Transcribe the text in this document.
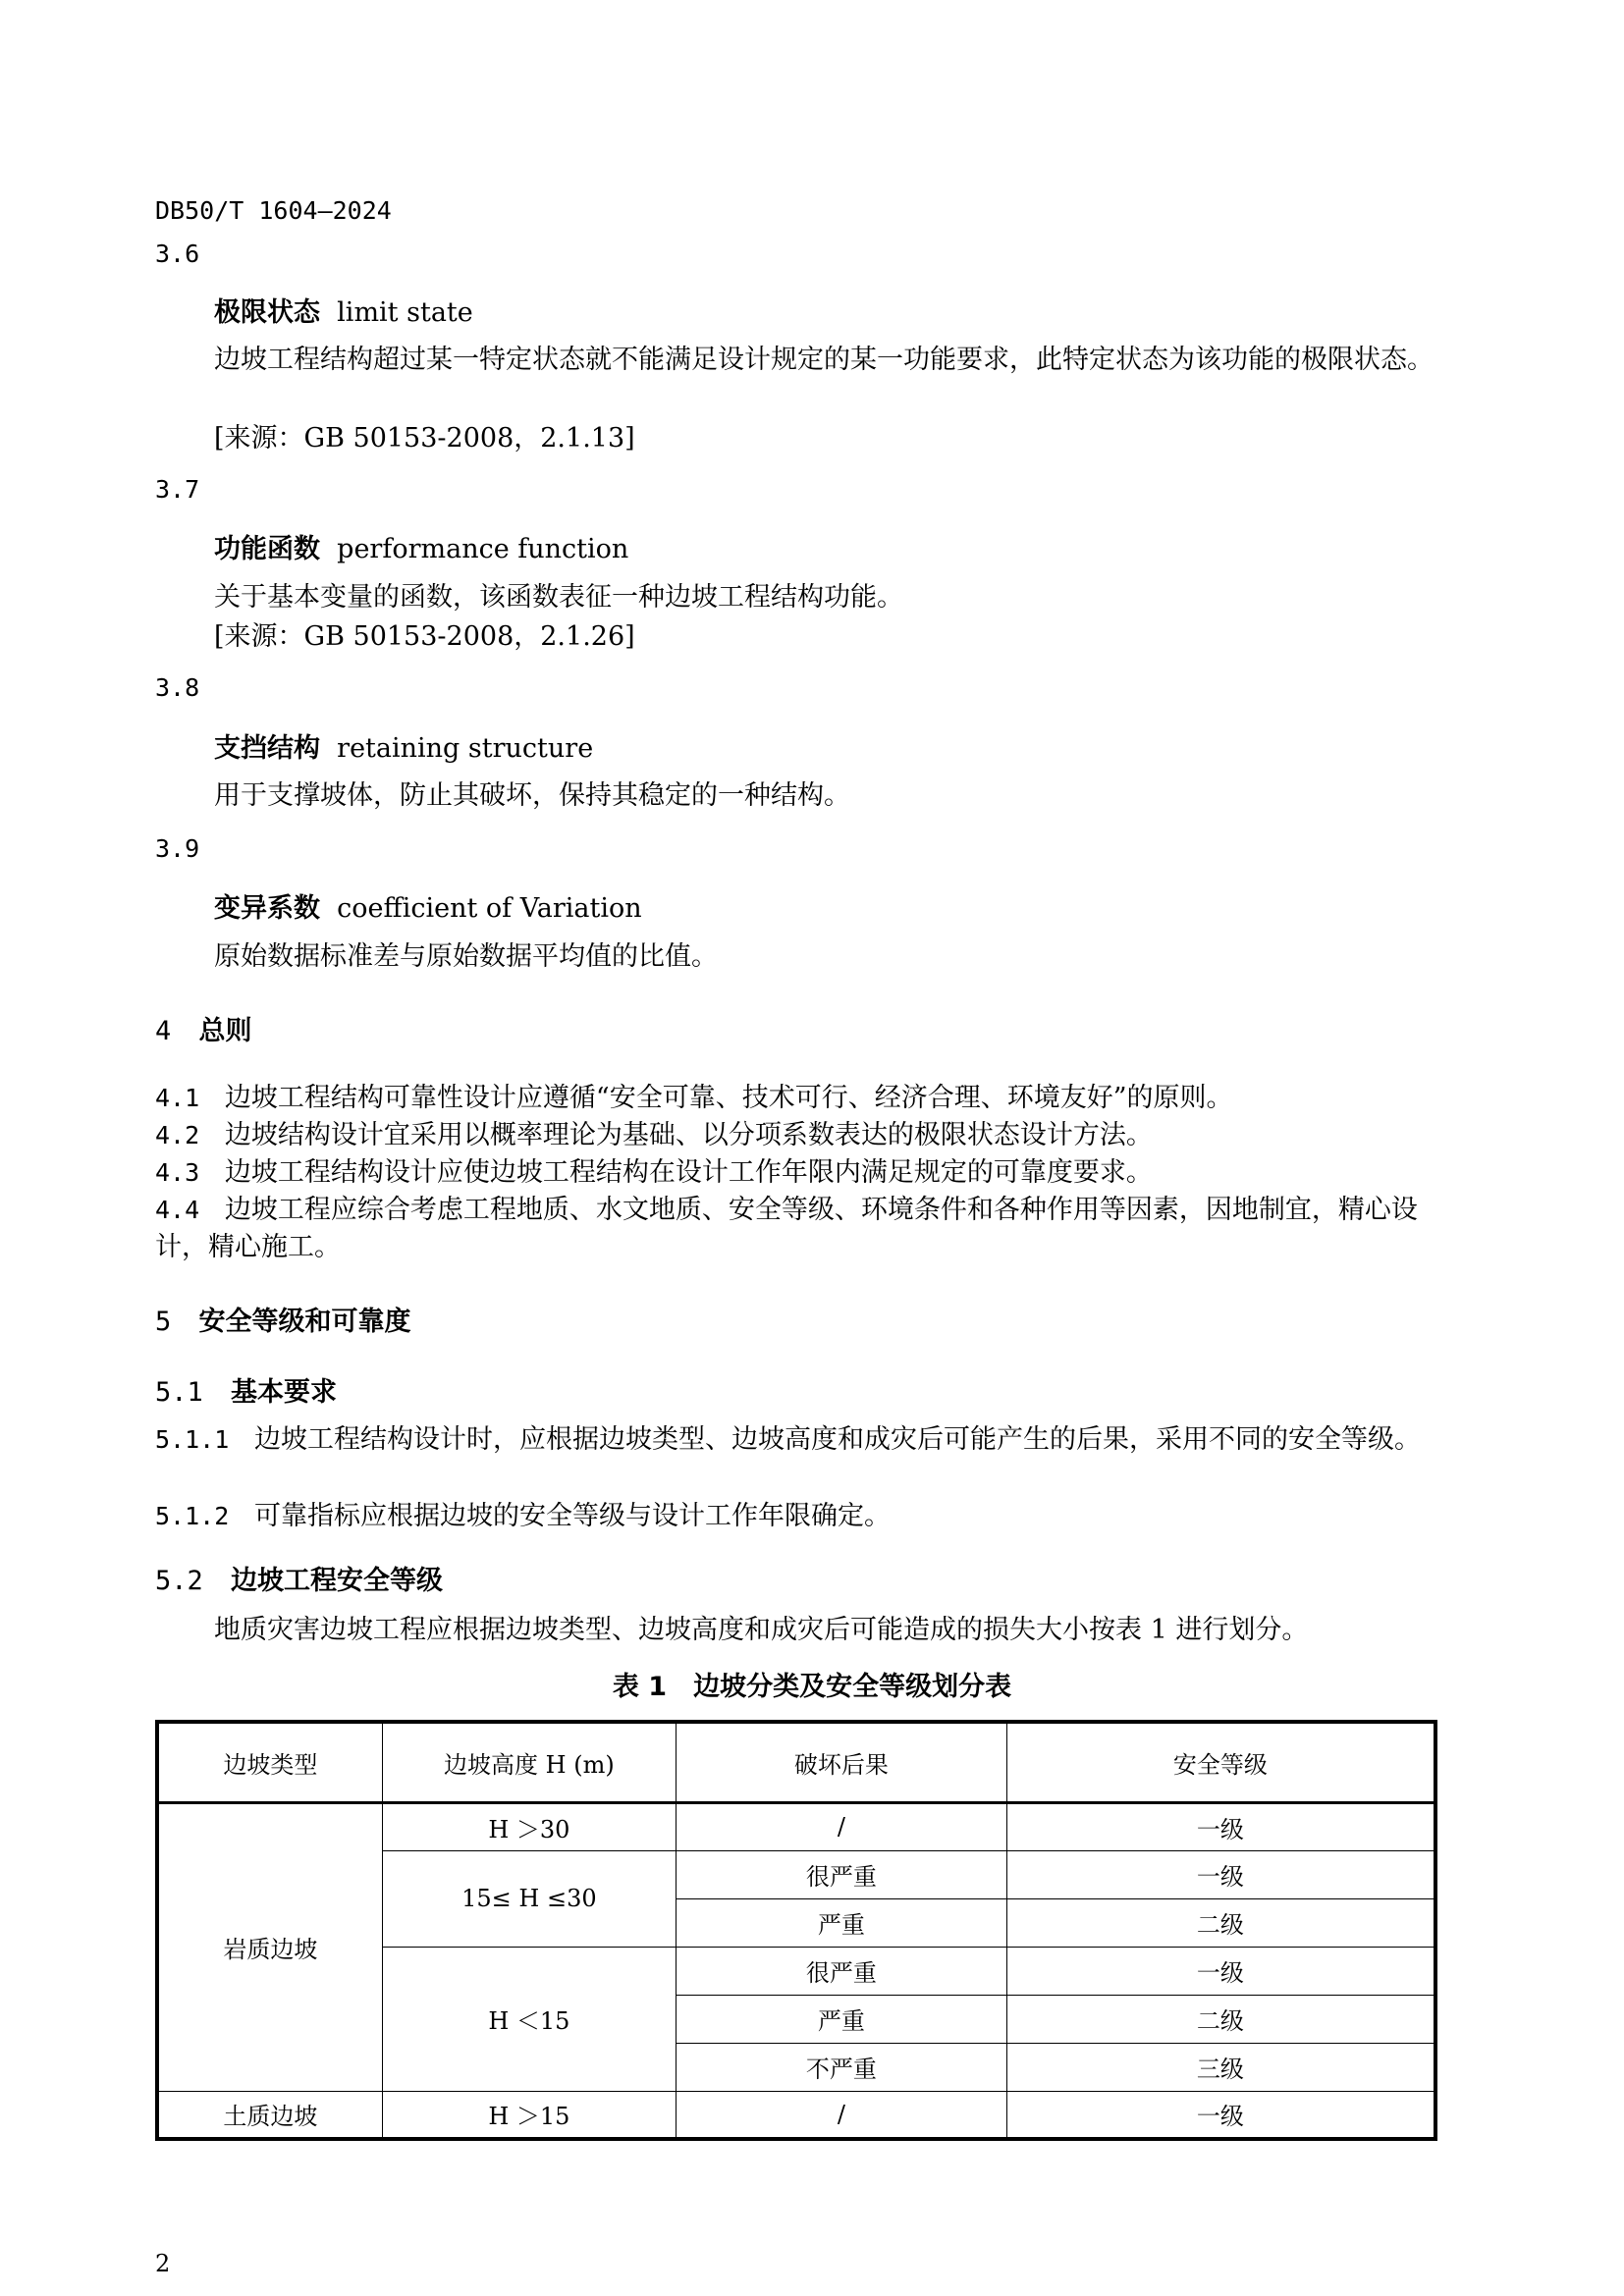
DB50/T 1604—2024
3.6
极限状态 limit state
边坡工程结构超过某一特定状态就不能满足设计规定的某一功能要求，此特定状态为该功能的极限状态。
[来源：GB 50153-2008，2.1.13]
3.7
功能函数 performance function
关于基本变量的函数，该函数表征一种边坡工程结构功能。
[来源：GB 50153-2008，2.1.26]
3.8
支挡结构 retaining structure
用于支撑坡体，防止其破坏，保持其稳定的一种结构。
3.9
变异系数 coefficient of Variation
原始数据标准差与原始数据平均值的比值。
4 总则
4.1 边坡工程结构可靠性设计应遵循“安全可靠、技术可行、经济合理、环境友好”的原则。
4.2 边坡结构设计宜采用以概率理论为基础、以分项系数表达的极限状态设计方法。
4.3 边坡工程结构设计应使边坡工程结构在设计工作年限内满足规定的可靠度要求。
4.4 边坡工程应综合考虑工程地质、水文地质、安全等级、环境条件和各种作用等因素，因地制宜，精心设计，精心施工。
5 安全等级和可靠度
5.1 基本要求
5.1.1 边坡工程结构设计时，应根据边坡类型、边坡高度和成灾后可能产生的后果，采用不同的安全等级。
5.1.2 可靠指标应根据边坡的安全等级与设计工作年限确定。
5.2 边坡工程安全等级
地质灾害边坡工程应根据边坡类型、边坡高度和成灾后可能造成的损失大小按表 1 进行划分。
表 1　边坡分类及安全等级划分表
边坡类型	边坡高度 H (m)	破坏后果	安全等级
岩质边坡	H ＞30	/	一级
	15≤ H ≤30	很严重	一级
		严重	二级
	H ＜15	很严重	一级
		严重	二级
		不严重	三级
土质边坡	H ＞15	/	一级
2
